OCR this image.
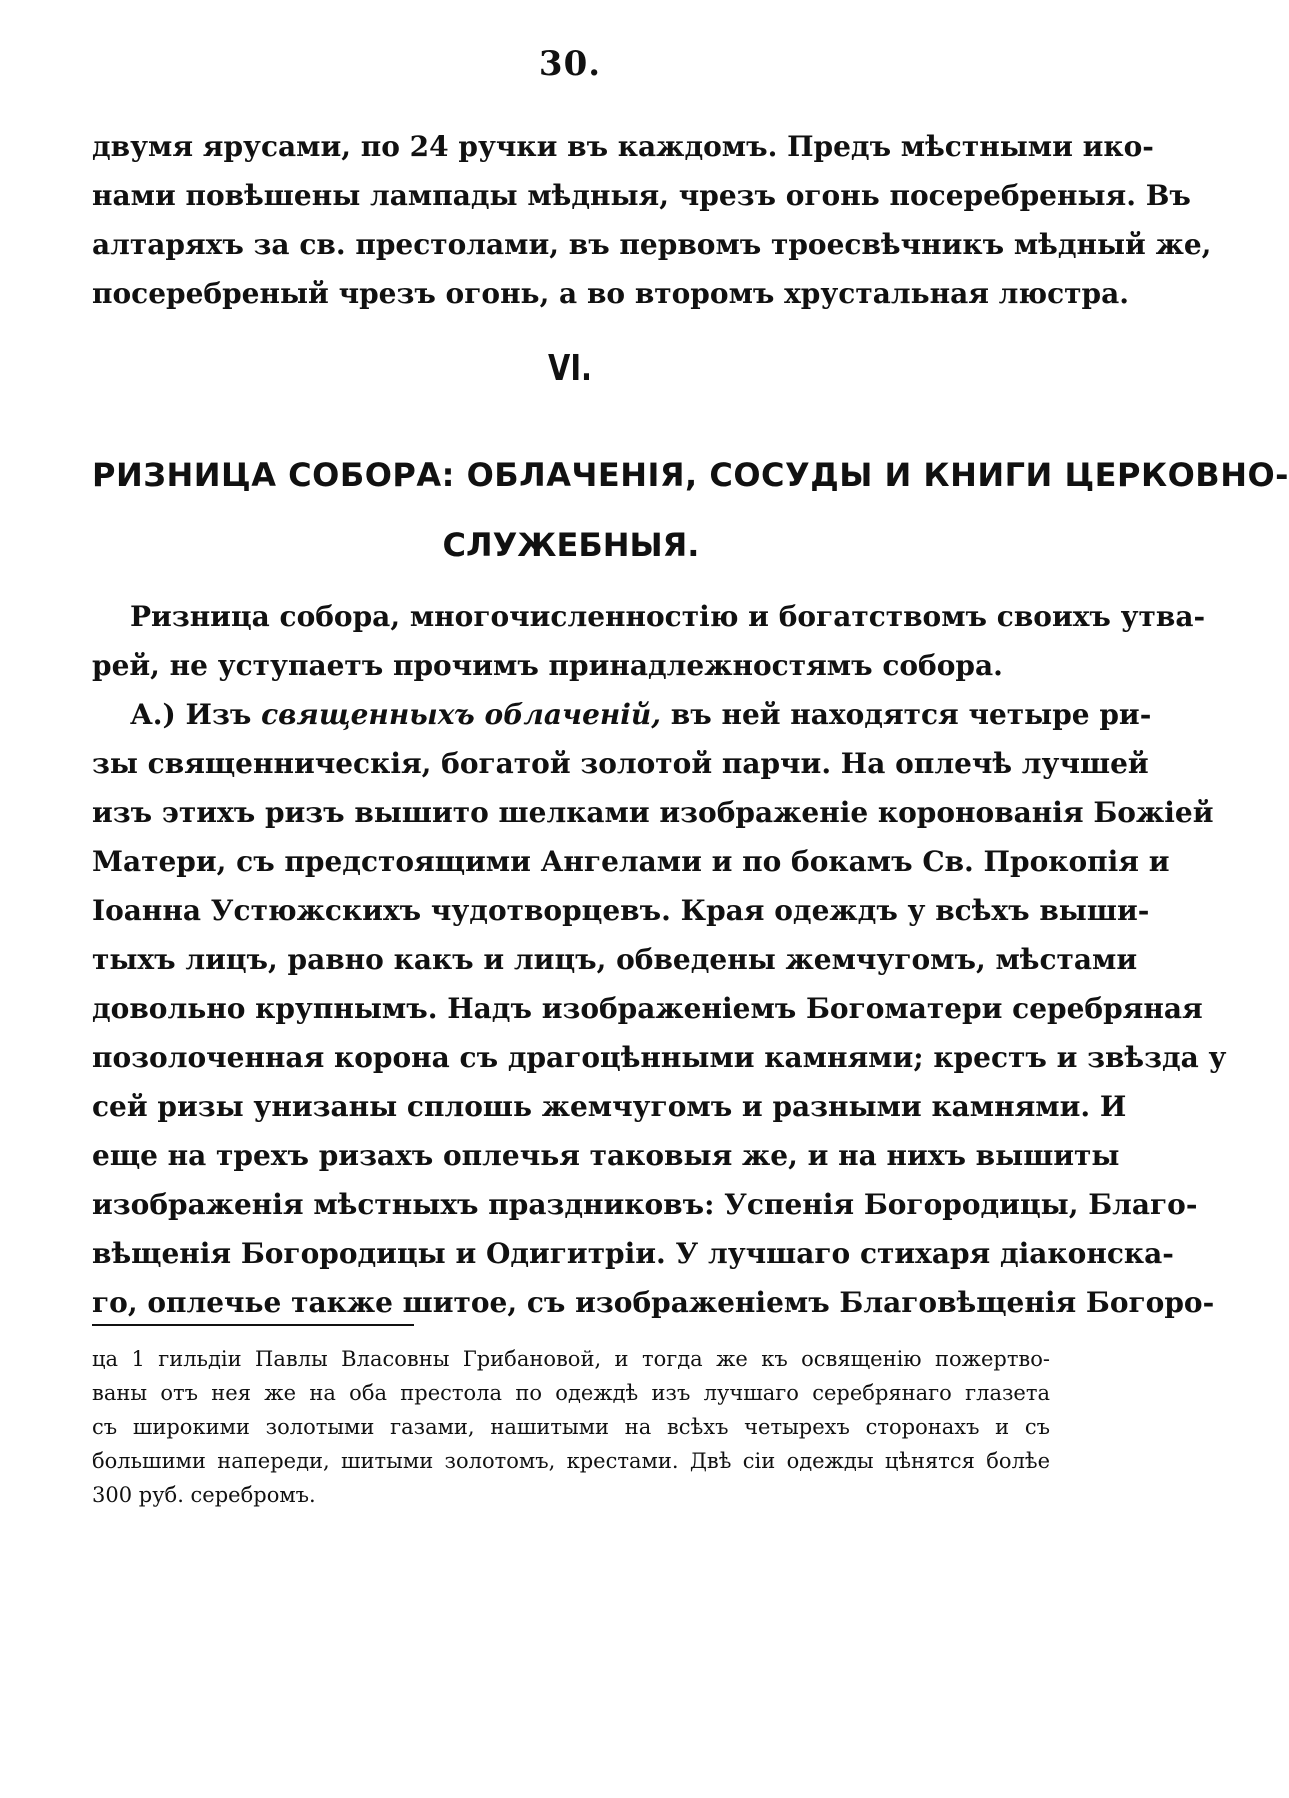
30.
двумя ярусами, по 24 ручки въ каждомъ. Предъ мѣстными ико-
нами повѣшены лампады мѣдныя, чрезъ огонь посеребреныя. Въ
алтаряхъ за св. престолами, въ первомъ троесвѣчникъ мѣдный же,
посеребреный чрезъ огонь, а во второмъ хрустальная люстра.
VI.
РИЗНИЦА СОБОРА: ОБЛАЧЕНІЯ, СОСУДЫ И КНИГИ ЦЕРКОВНО-
СЛУЖЕБНЫЯ.
Ризница собора, многочисленностію и богатствомъ своихъ утва-
рей, не уступаетъ прочимъ принадлежностямъ собора.
А.) Изъ священныхъ облаченій, въ ней находятся четыре ри-
зы священническія, богатой золотой парчи. На оплечѣ лучшей
изъ этихъ ризъ вышито шелками изображеніе коронованія Божіей
Матери, съ предстоящими Ангелами и по бокамъ Св. Прокопія и
Іоанна Устюжскихъ чудотворцевъ. Края одеждъ у всѣхъ выши-
тыхъ лицъ, равно какъ и лицъ, обведены жемчугомъ, мѣстами
довольно крупнымъ. Надъ изображеніемъ Богоматери серебряная
позолоченная корона съ драгоцѣнными камнями; крестъ и звѣзда у
сей ризы унизаны сплошь жемчугомъ и разными камнями. И
еще на трехъ ризахъ оплечья таковыя же, и на нихъ вышиты
изображенія мѣстныхъ праздниковъ: Успенія Богородицы, Благо-
вѣщенія Богородицы и Одигитріи. У лучшаго стихаря діаконска-
го, оплечье также шитое, съ изображеніемъ Благовѣщенія Богоро-
ца 1 гильдіи Павлы Власовны Грибановой, и тогда же къ освященію пожертво-
ваны отъ нея же на оба престола по одеждѣ изъ лучшаго серебрянаго глазета
съ широкими золотыми газами, нашитыми на всѣхъ четырехъ сторонахъ и съ
большими напереди, шитыми золотомъ, крестами. Двѣ сіи одежды цѣнятся болѣе
300 руб. серебромъ.
